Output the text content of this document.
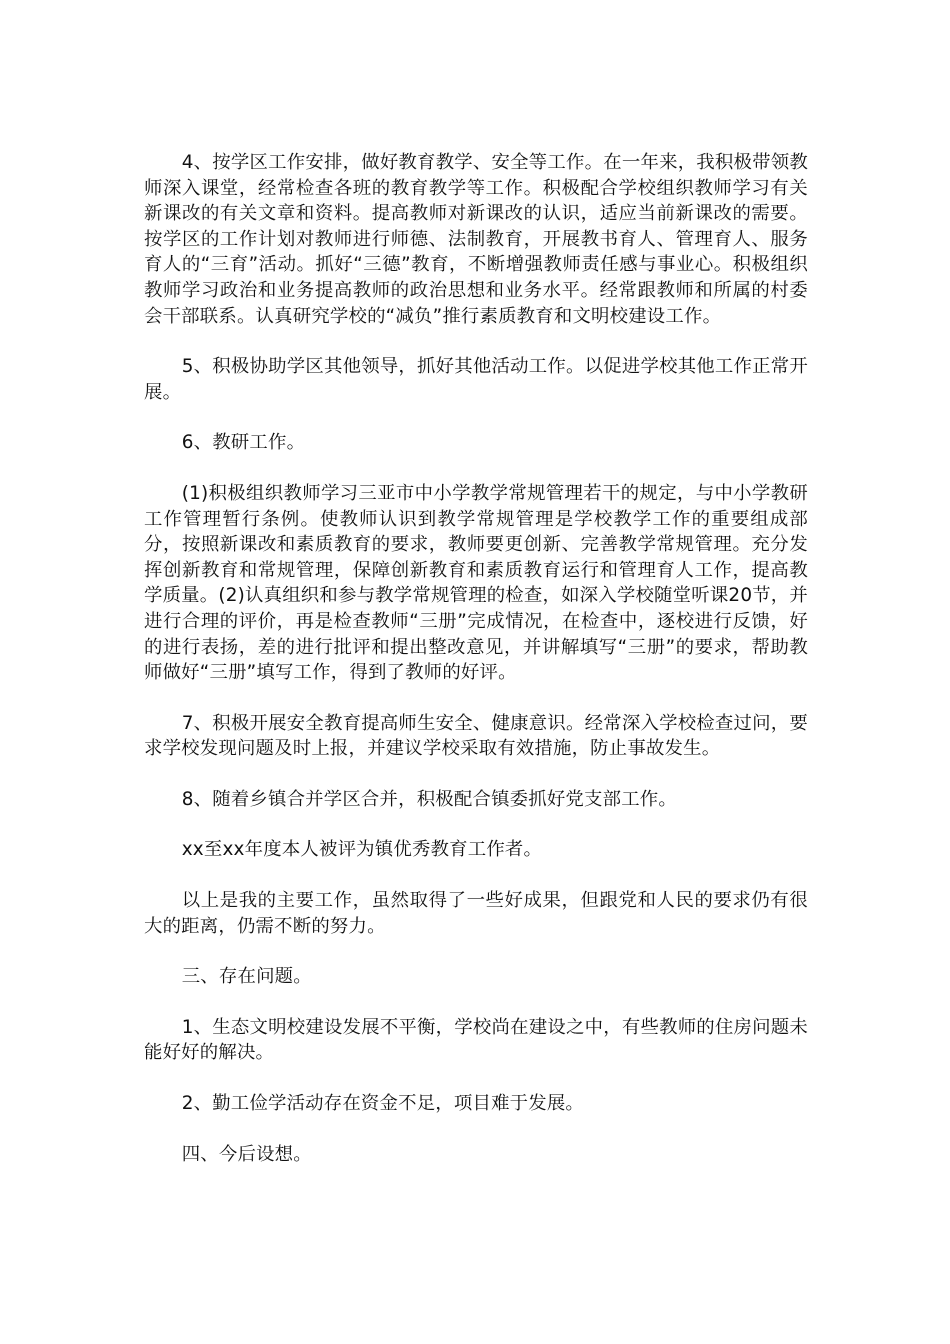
4、按学区工作安排，做好教育教学、安全等工作。在一年来，我积极带领教师深入课堂，经常检查各班的教育教学等工作。积极配合学校组织教师学习有关新课改的有关文章和资料。提高教师对新课改的认识，适应当前新课改的需要。按学区的工作计划对教师进行师德、法制教育，开展教书育人、管理育人、服务育人的“三育”活动。抓好“三德”教育，不断增强教师责任感与事业心。积极组织教师学习政治和业务提高教师的政治思想和业务水平。经常跟教师和所属的村委会干部联系。认真研究学校的“减负”推行素质教育和文明校建设工作。

5、积极协助学区其他领导，抓好其他活动工作。以促进学校其他工作正常开展。

6、教研工作。

(1)积极组织教师学习三亚市中小学教学常规管理若干的规定，与中小学教研工作管理暂行条例。使教师认识到教学常规管理是学校教学工作的重要组成部分，按照新课改和素质教育的要求，教师要更创新、完善教学常规管理。充分发挥创新教育和常规管理，保障创新教育和素质教育运行和管理育人工作，提高教学质量。(2)认真组织和参与教学常规管理的检查，如深入学校随堂听课20节，并进行合理的评价，再是检查教师“三册”完成情况，在检查中，逐校进行反馈，好的进行表扬，差的进行批评和提出整改意见，并讲解填写“三册”的要求，帮助教师做好“三册”填写工作，得到了教师的好评。

7、积极开展安全教育提高师生安全、健康意识。经常深入学校检查过问，要求学校发现问题及时上报，并建议学校采取有效措施，防止事故发生。

8、随着乡镇合并学区合并，积极配合镇委抓好党支部工作。

xx至xx年度本人被评为镇优秀教育工作者。

以上是我的主要工作，虽然取得了一些好成果，但跟党和人民的要求仍有很大的距离，仍需不断的努力。

三、存在问题。

1、生态文明校建设发展不平衡，学校尚在建设之中，有些教师的住房问题未能好好的解决。

2、勤工俭学活动存在资金不足，项目难于发展。

四、今后设想。
